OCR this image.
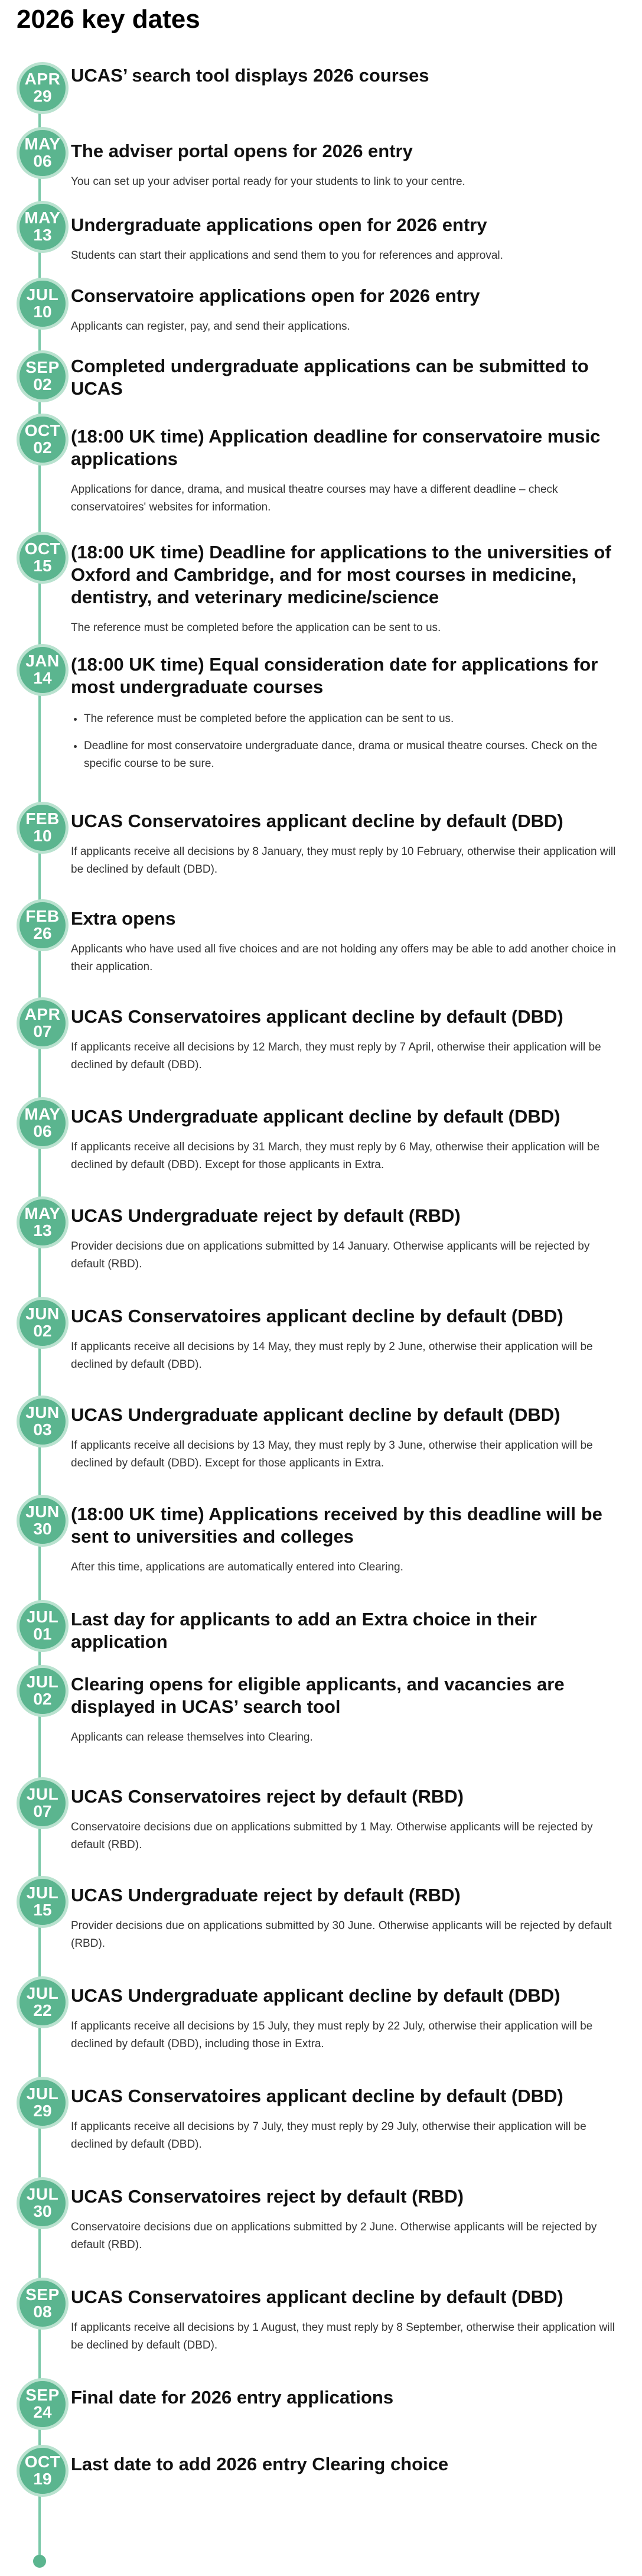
2026 key dates
APR
29
UCAS’ search tool displays 2026 courses
MAY
06 The adviser portal opens for 2026 entry

You can set up your adviser portal ready for your students to link to your centre.

MAY
13 Undergraduate applications open for 2026 entry

Students can start their applications and send them to you for references and approval.

JUL
10
Conservatoire applications open for 2026 entry

Applicants can register, pay, and send their applications.

SEP
02
Completed undergraduate applications can be submitted to UCAS
OCT
02
(18:00 UK time) Application deadline for conservatoire music applications

Applications for dance, drama, and musical theatre courses may have a different deadline – check conservatoires' websites for information.

OCT
15
(18:00 UK time) Deadline for applications to the universities of Oxford and Cambridge, and for most courses in medicine, dentistry, and veterinary medicine/science

The reference must be completed before the application can be sent to us.

JAN
14
(18:00 UK time) Equal consideration date for applications for most undergraduate courses
• The reference must be completed before the application can be sent to us.
• Deadline for most conservatoire undergraduate dance, drama or musical theatre courses. Check on the specific course to be sure.
FEB
10
UCAS Conservatoires applicant decline by default (DBD)

If applicants receive all decisions by 8 January, they must reply by 10 February, otherwise their application will be declined by default (DBD).

FEB
26
Extra opens

Applicants who have used all five choices and are not holding any offers may be able to add another choice in their application.

APR
07
UCAS Conservatoires applicant decline by default (DBD)

If applicants receive all decisions by 12 March, they must reply by 7 April, otherwise their application will be declined by default (DBD).

MAY
06
UCAS Undergraduate applicant decline by default (DBD)

If applicants receive all decisions by 31 March, they must reply by 6 May, otherwise their application will be declined by default (DBD). Except for those applicants in Extra.

MAY
13
UCAS Undergraduate reject by default (RBD)

Provider decisions due on applications submitted by 14 January. Otherwise applicants will be rejected by default (RBD).

JUN
02
UCAS Conservatoires applicant decline by default (DBD)

If applicants receive all decisions by 14 May, they must reply by 2 June, otherwise their application will be declined by default (DBD).

JUN
03
UCAS Undergraduate applicant decline by default (DBD)

If applicants receive all decisions by 13 May, they must reply by 3 June, otherwise their application will be declined by default (DBD). Except for those applicants in Extra.

JUN
30
(18:00 UK time) Applications received by this deadline will be sent to universities and colleges

After this time, applications are automatically entered into Clearing.

JUL
01
Last day for applicants to add an Extra choice in their application
JUL
02
Clearing opens for eligible applicants, and vacancies are displayed in UCAS’ search tool

Applicants can release themselves into Clearing.

JUL
07
UCAS Conservatoires reject by default (RBD)

Conservatoire decisions due on applications submitted by 1 May. Otherwise applicants will be rejected by default (RBD).

JUL
15
UCAS Undergraduate reject by default (RBD)

Provider decisions due on applications submitted by 30 June. Otherwise applicants will be rejected by default (RBD).

JUL
22
UCAS Undergraduate applicant decline by default (DBD)

If applicants receive all decisions by 15 July, they must reply by 22 July, otherwise their application will be declined by default (DBD), including those in Extra.

JUL
29
UCAS Conservatoires applicant decline by default (DBD)

If applicants receive all decisions by 7 July, they must reply by 29 July, otherwise their application will be declined by default (DBD).

JUL
30
UCAS Conservatoires reject by default (RBD)

Conservatoire decisions due on applications submitted by 2 June. Otherwise applicants will be rejected by default (RBD).

SEP
08
UCAS Conservatoires applicant decline by default (DBD)

If applicants receive all decisions by 1 August, they must reply by 8 September, otherwise their application will be declined by default (DBD).

SEP
24
Final date for 2026 entry applications
OCT
19
Last date to add 2026 entry Clearing choice
